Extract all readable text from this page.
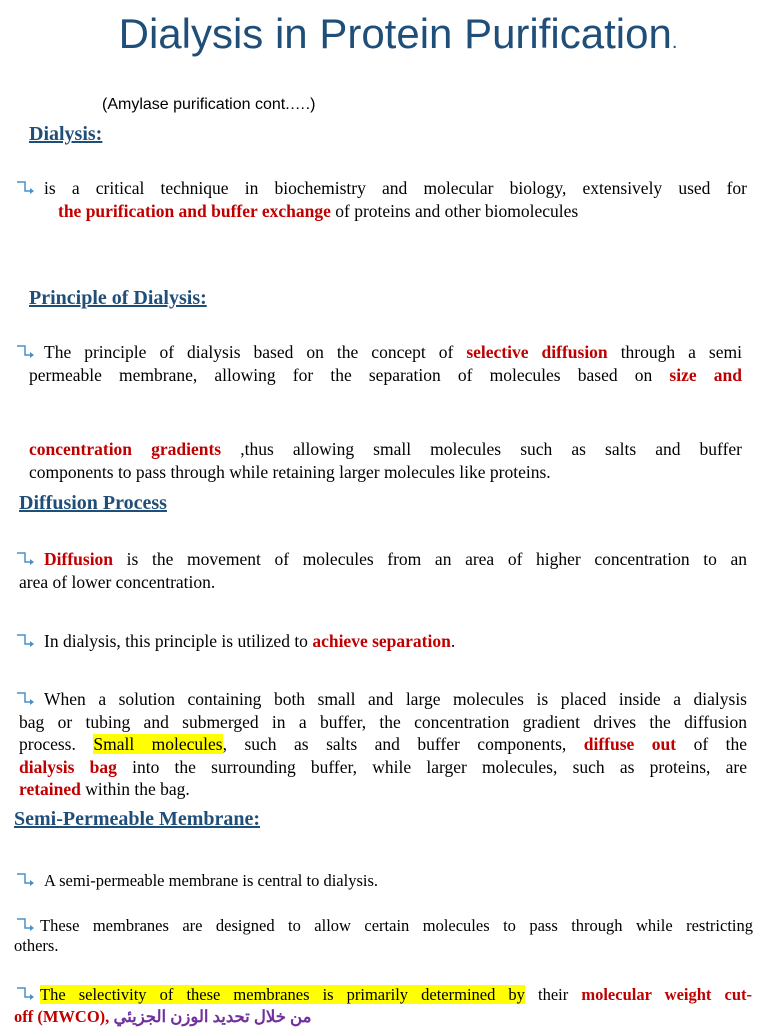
Dialysis in Protein Purification.
(Amylase purification cont.….)
Dialysis:
is a critical technique in biochemistry and molecular biology, extensively used for
the purification and buffer exchange of proteins and other biomolecules
Principle of Dialysis:
The principle of dialysis based on the concept of selective diffusion through a semi
permeable membrane, allowing for the separation of molecules based on size and
concentration gradients ,thus allowing small molecules such as salts and buffer
components to pass through while retaining larger molecules like proteins.
Diffusion Process
Diffusion is the movement of molecules from an area of higher concentration to an
area of lower concentration.
In dialysis, this principle is utilized to achieve separation.
When a solution containing both small and large molecules is placed inside a dialysis
bag or tubing and submerged in a buffer, the concentration gradient drives the diffusion
process. Small molecules, such as salts and buffer components, diffuse out of the
dialysis bag into the surrounding buffer, while larger molecules, such as proteins, are
retained within the bag.
Semi-Permeable Membrane:
A semi-permeable membrane is central to dialysis.
These membranes are designed to allow certain molecules to pass through while restricting
others.
The selectivity of these membranes is primarily determined by their molecular weight cut-
off (MWCO), من خلال تحديد الوزن الجزيئي
